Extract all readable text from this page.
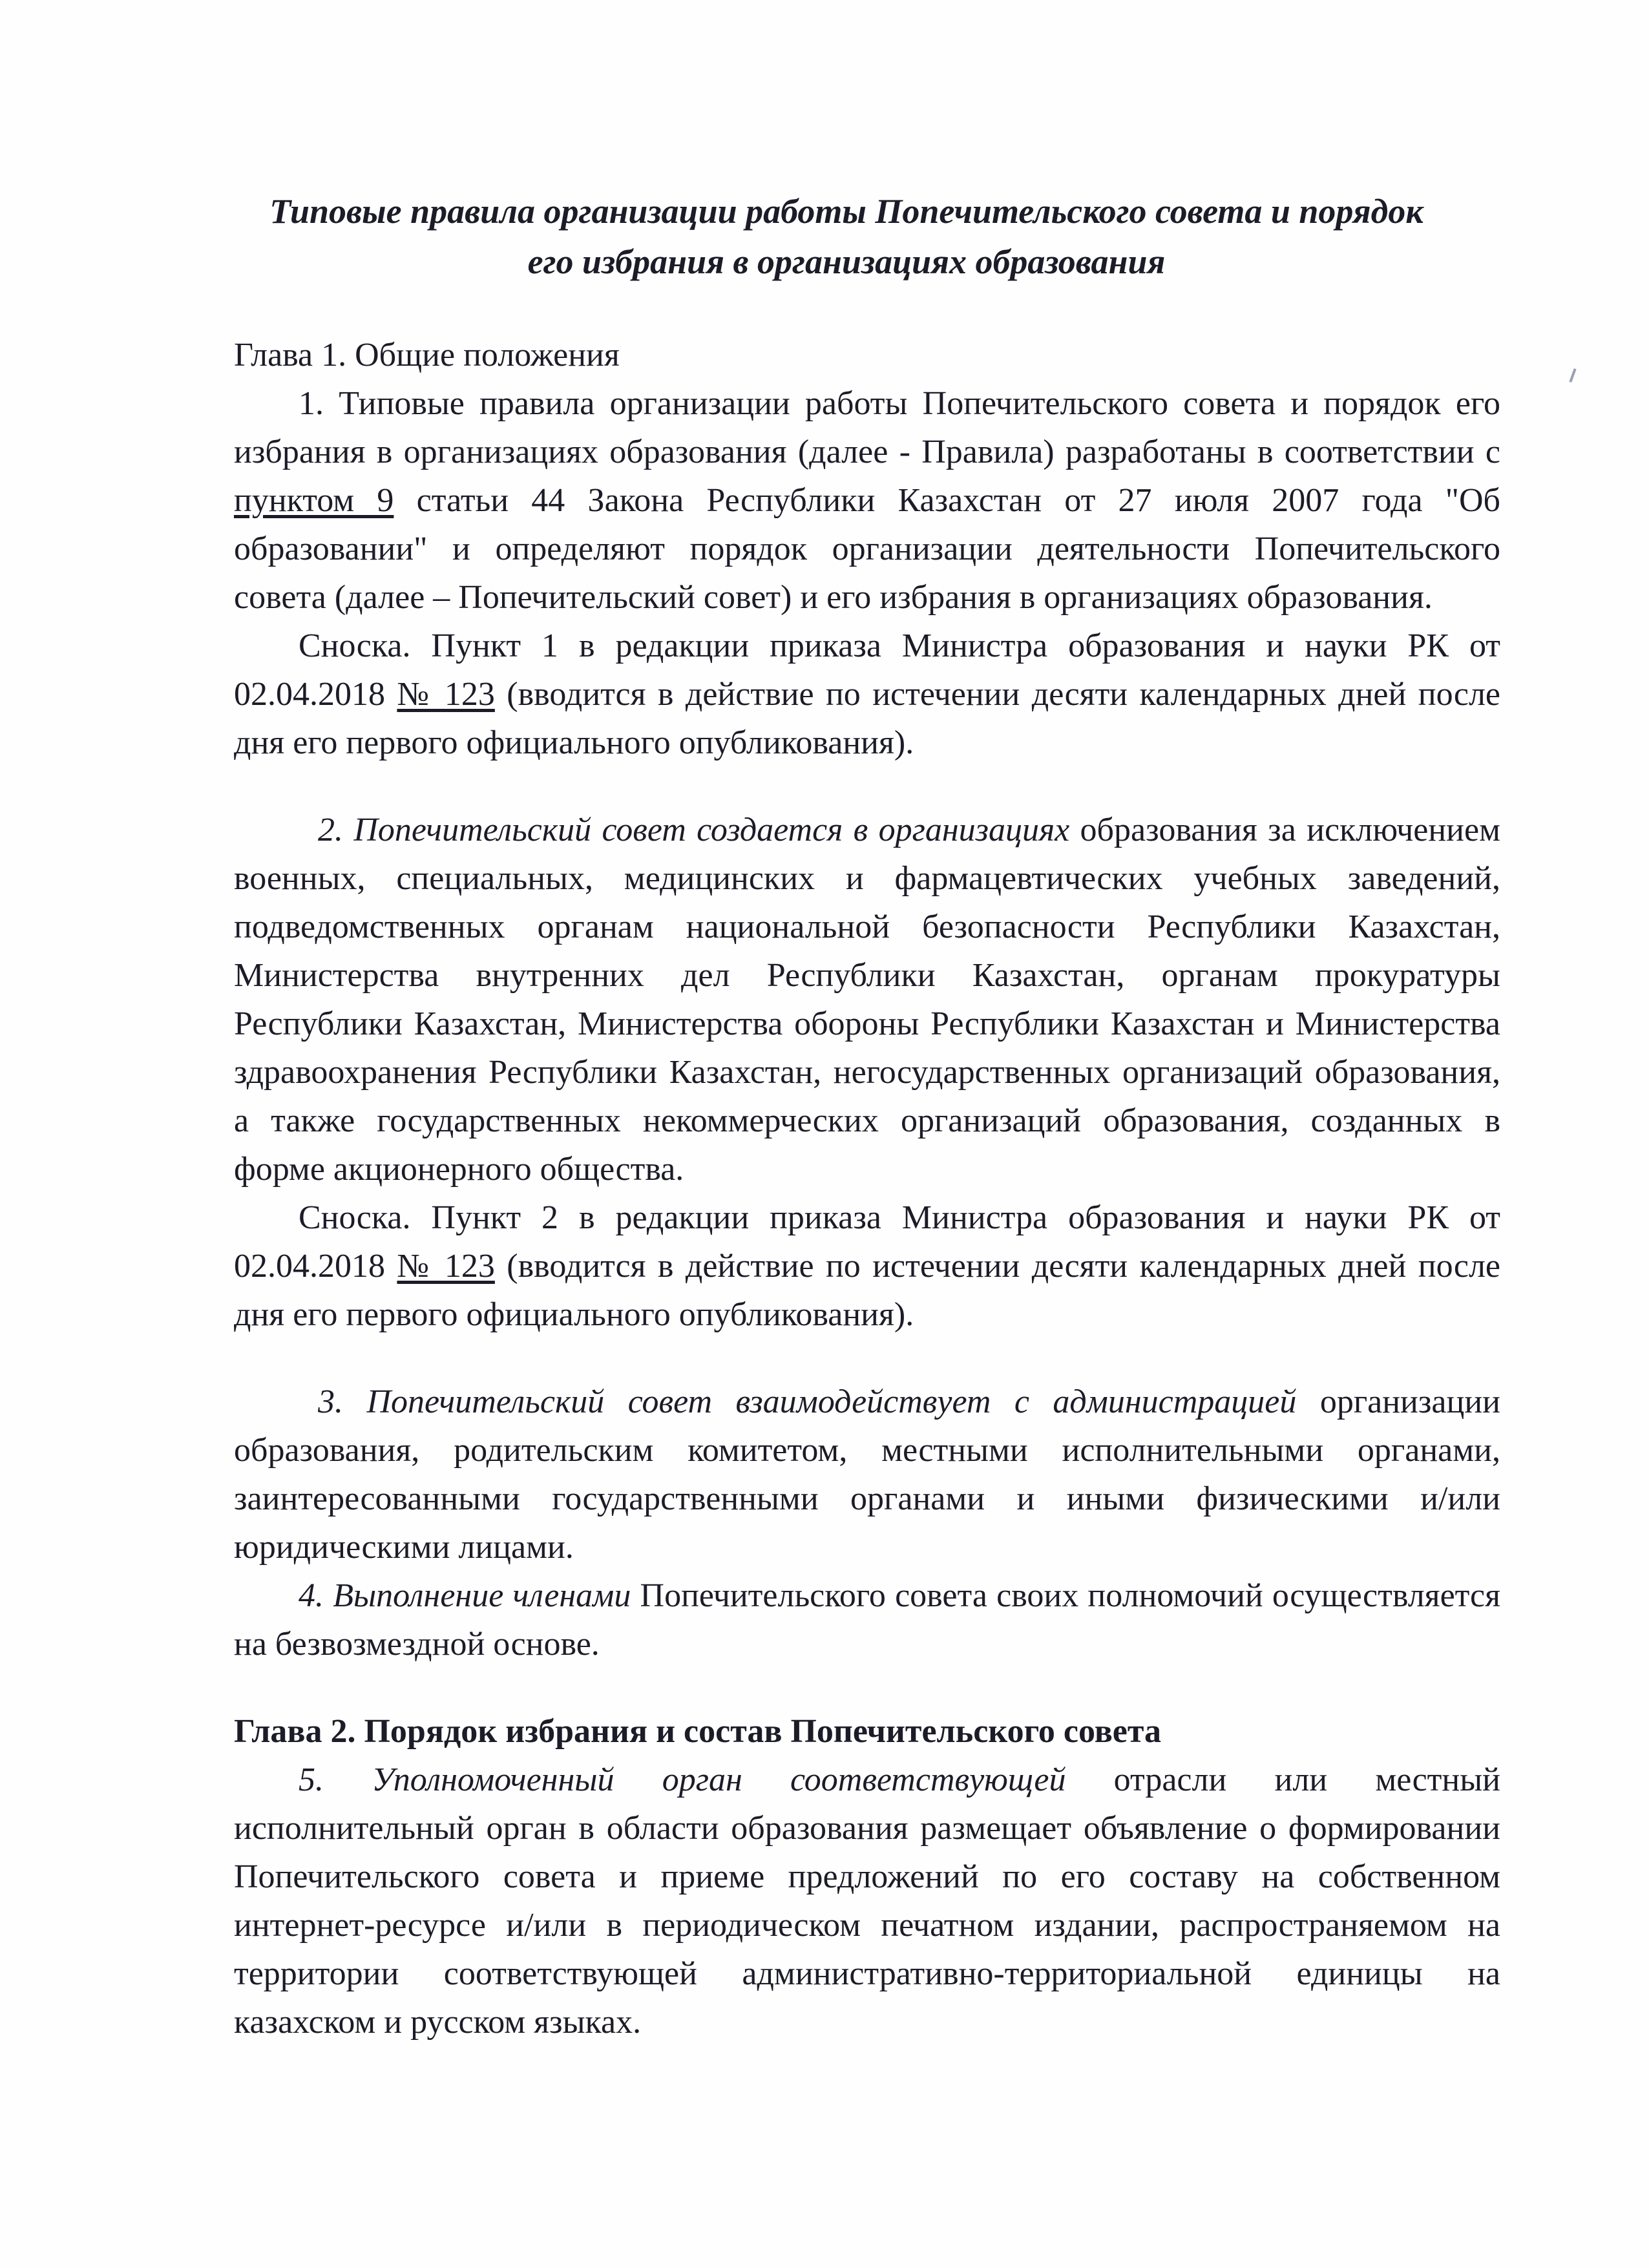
Типовые правила организации работы Попечительского совета и порядок
его избрания в организациях образования

Глава 1. Общие положения

1. Типовые правила организации работы Попечительского совета и порядок его избрания в организациях образования (далее - Правила) разработаны в соответствии с пунктом 9 статьи 44 Закона Республики Казахстан от 27 июля 2007 года "Об образовании" и определяют порядок организации деятельности Попечительского совета (далее – Попечительский совет) и его избрания в организациях образования.

Сноска. Пункт 1 в редакции приказа Министра образования и науки РК от 02.04.2018 № 123 (вводится в действие по истечении десяти календарных дней после дня его первого официального опубликования).

2. Попечительский совет создается в организациях образования за исключением военных, специальных, медицинских и фармацевтических учебных заведений, подведомственных органам национальной безопасности Республики Казахстан, Министерства внутренних дел Республики Казахстан, органам прокуратуры Республики Казахстан, Министерства обороны Республики Казахстан и Министерства здравоохранения Республики Казахстан, негосударственных организаций образования, а также государственных некоммерческих организаций образования, созданных в форме акционерного общества.

Сноска. Пункт 2 в редакции приказа Министра образования и науки РК от 02.04.2018 № 123 (вводится в действие по истечении десяти календарных дней после дня его первого официального опубликования).

3. Попечительский совет взаимодействует с администрацией организации образования, родительским комитетом, местными исполнительными органами, заинтересованными государственными органами и иными физическими и/или юридическими лицами.

4. Выполнение членами Попечительского совета своих полномочий осуществляется на безвозмездной основе.

Глава 2. Порядок избрания и состав Попечительского совета

5. Уполномоченный орган соответствующей отрасли или местный исполнительный орган в области образования размещает объявление о формировании Попечительского совета и приеме предложений по его составу на собственном интернет-ресурсе и/или в периодическом печатном издании, распространяемом на территории соответствующей административно-территориальной единицы на казахском и русском языках.
